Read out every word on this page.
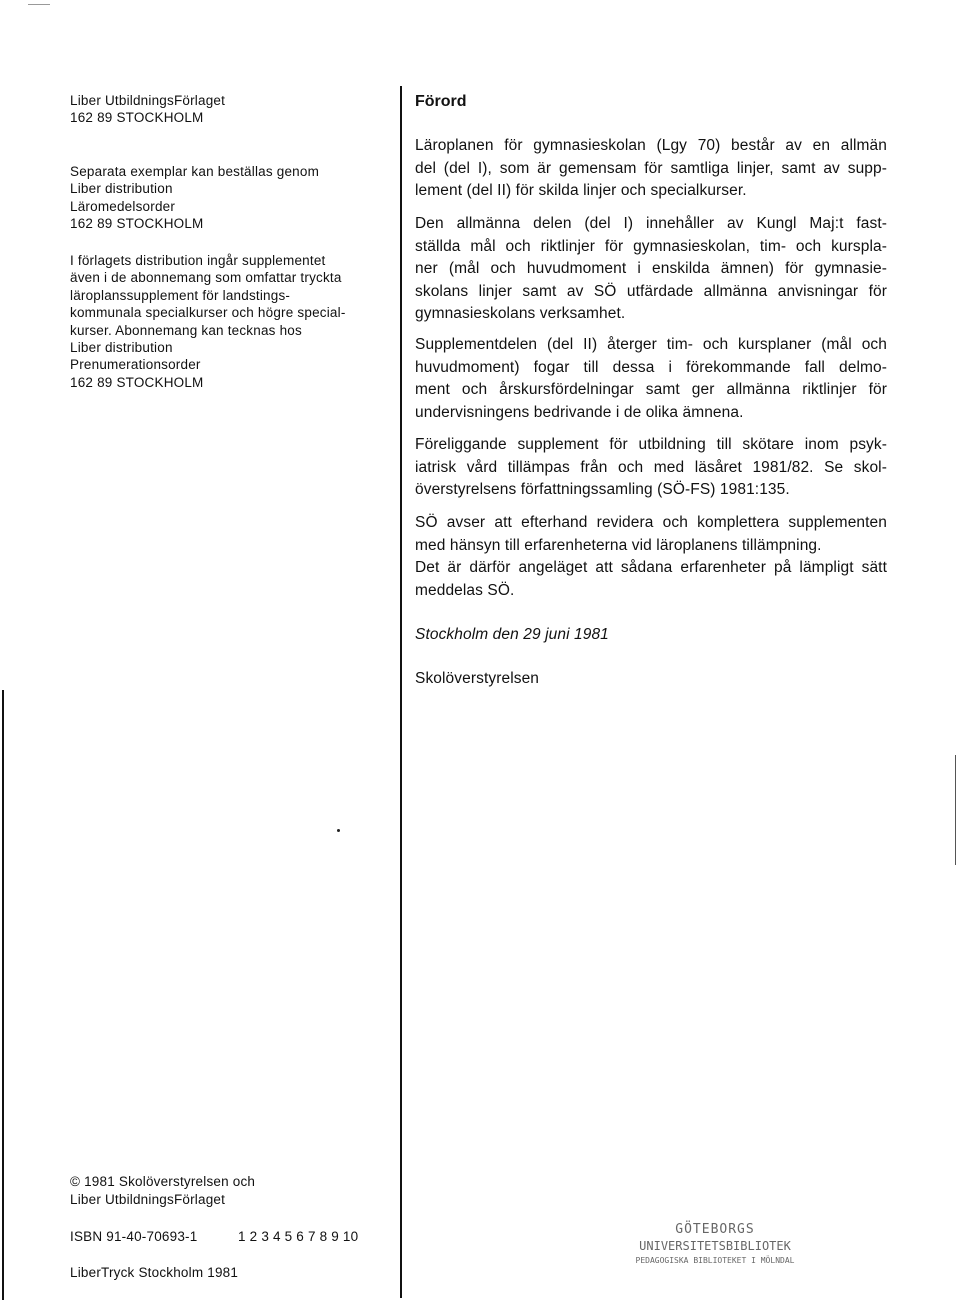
Liber UtbildningsFörlaget
162 89 STOCKHOLM
Separata exemplar kan beställas genom
Liber distribution
Läromedelsorder
162 89 STOCKHOLM
I förlagets distribution ingår supplementet
även i de abonnemang som omfattar tryckta
läroplanssupplement för landstings-
kommunala specialkurser och högre special-
kurser. Abonnemang kan tecknas hos
Liber distribution
Prenumerationsorder
162 89 STOCKHOLM
Förord
Läroplanen för gymnasieskolan (Lgy 70) består av en allmän
del (del I), som är gemensam för samtliga linjer, samt av supp-
lement (del II) för skilda linjer och specialkurser.
Den allmänna delen (del I) innehåller av Kungl Maj:t fast-
ställda mål och riktlinjer för gymnasieskolan, tim- och kurspla-
ner (mål och huvudmoment i enskilda ämnen) för gymnasie-
skolans linjer samt av SÖ utfärdade allmänna anvisningar för
gymnasieskolans verksamhet.
Supplementdelen (del II) återger tim- och kursplaner (mål och
huvudmoment) fogar till dessa i förekommande fall delmo-
ment och årskursfördelningar samt ger allmänna riktlinjer för
undervisningens bedrivande i de olika ämnena.
Föreliggande supplement för utbildning till skötare inom psyk-
iatrisk vård tillämpas från och med läsåret 1981/82. Se skol-
överstyrelsens författningssamling (SÖ-FS) 1981:135.
SÖ avser att efterhand revidera och komplettera supplementen
med hänsyn till erfarenheterna vid läroplanens tillämpning.
Det är därför angeläget att sådana erfarenheter på lämpligt sätt
meddelas SÖ.
Stockholm den 29 juni 1981
Skolöverstyrelsen
© 1981 Skolöverstyrelsen och
Liber UtbildningsFörlaget
ISBN 91-40-70693-1	1 2 3 4 5 6 7 8 9 10
LiberTryck Stockholm 1981
GÖTEBORGS
UNIVERSITETSBIBLIOTEK
PEDAGOGISKA BIBLIOTEKET I MÖLNDAL
